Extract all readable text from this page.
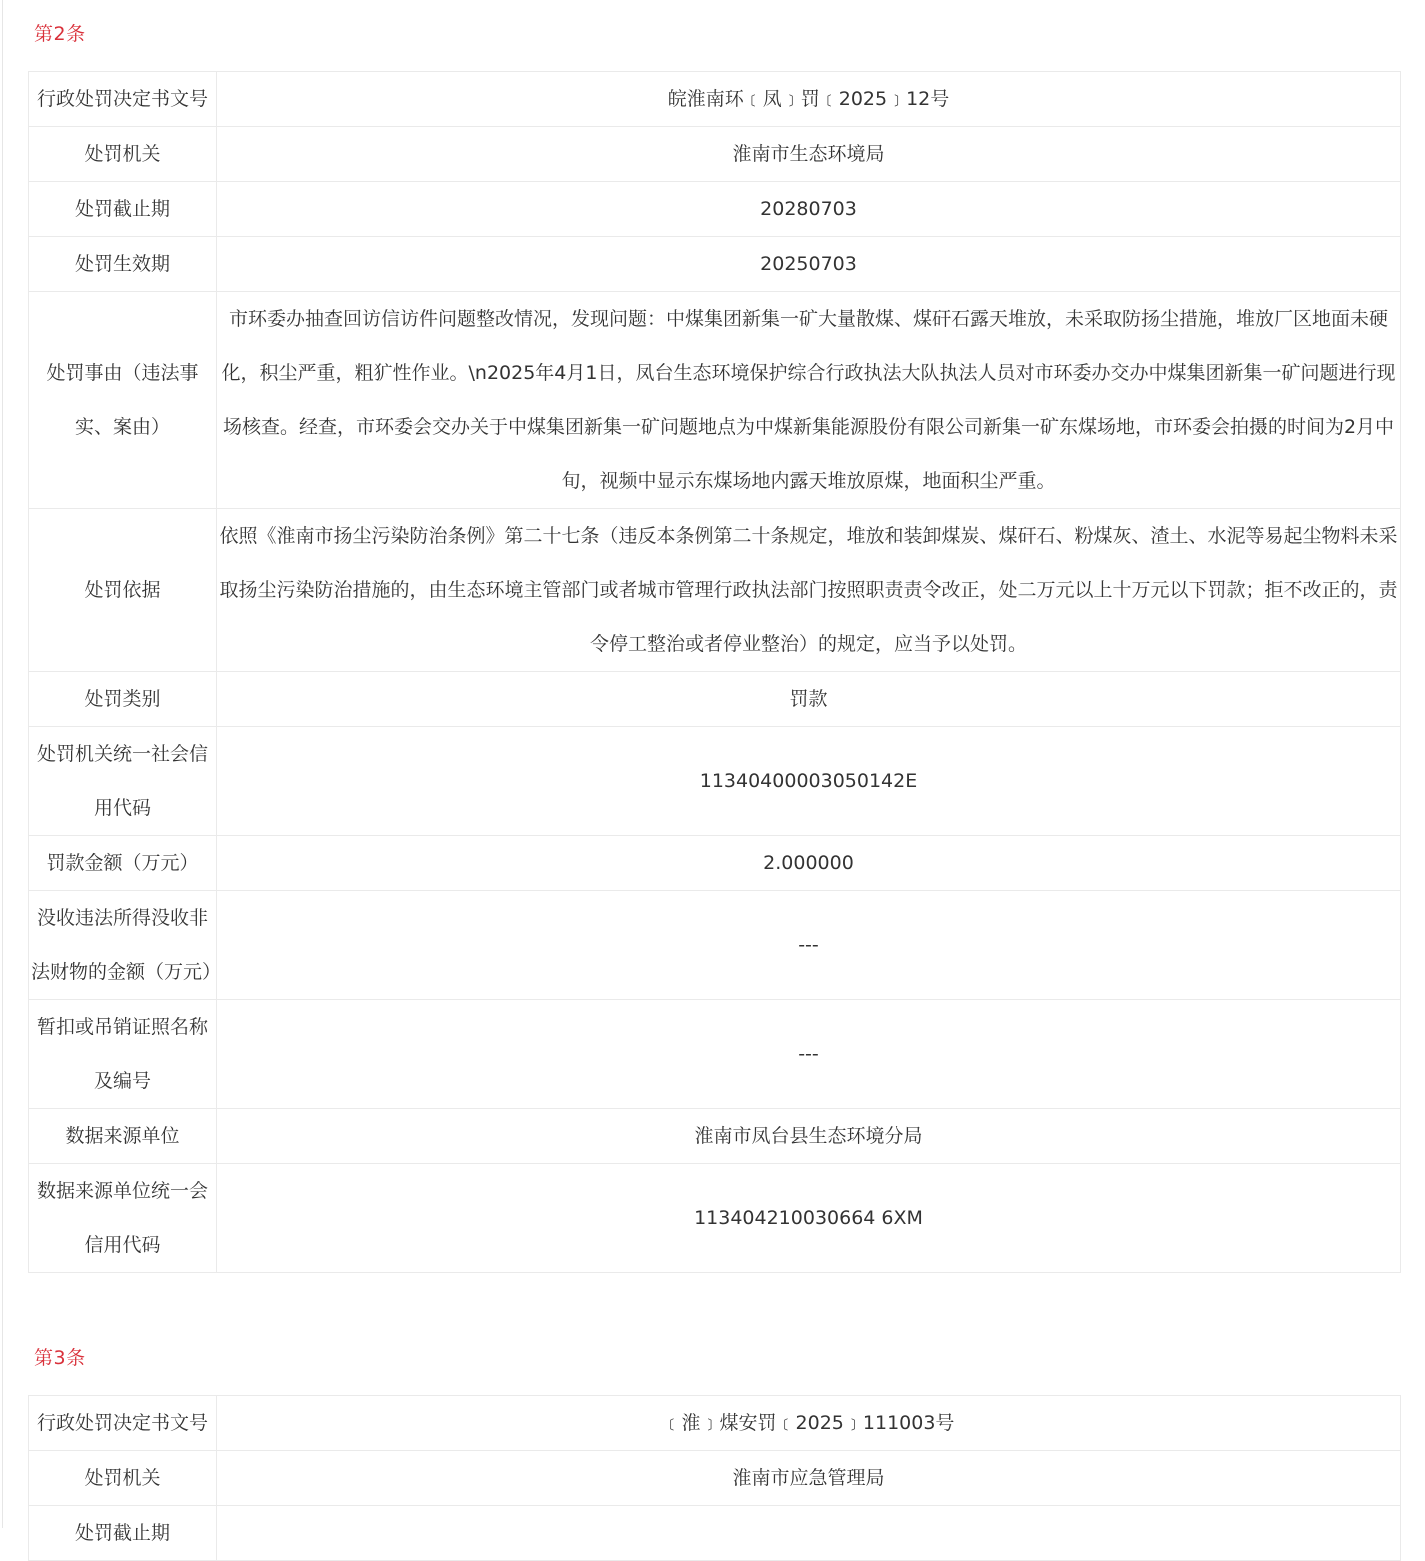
第2条
行政处罚决定书文号	皖淮南环﹝凤﹞罚﹝2025﹞12号
处罚机关	淮南市生态环境局
处罚截止期	20280703
处罚生效期	20250703
处罚事由（违法事实、案由）	市环委办抽查回访信访件问题整改情况，发现问题：中煤集团新集一矿大量散煤、煤矸石露天堆放，未采取防扬尘措施，堆放厂区地面未硬化，积尘严重，粗犷性作业。\n2025年4月1日，凤台生态环境保护综合行政执法大队执法人员对市环委办交办中煤集团新集一矿问题进行现场核查。经查，市环委会交办关于中煤集团新集一矿问题地点为中煤新集能源股份有限公司新集一矿东煤场地，市环委会拍摄的时间为2月中旬，视频中显示东煤场地内露天堆放原煤，地面积尘严重。
处罚依据	依照《淮南市扬尘污染防治条例》第二十七条（违反本条例第二十条规定，堆放和装卸煤炭、煤矸石、粉煤灰、渣土、水泥等易起尘物料未采取扬尘污染防治措施的，由生态环境主管部门或者城市管理行政执法部门按照职责责令改正，处二万元以上十万元以下罚款；拒不改正的，责令停工整治或者停业整治）的规定，应当予以处罚。
处罚类别	罚款
处罚机关统一社会信用代码	11340400003050142E
罚款金额（万元）	2.000000
没收违法所得没收非法财物的金额（万元）	---
暂扣或吊销证照名称及编号	---
数据来源单位	淮南市凤台县生态环境分局
数据来源单位统一会信用代码	113404210030664 6XM
第3条
行政处罚决定书文号	﹝淮﹞煤安罚﹝2025﹞111003号
处罚机关	淮南市应急管理局
处罚截止期	
